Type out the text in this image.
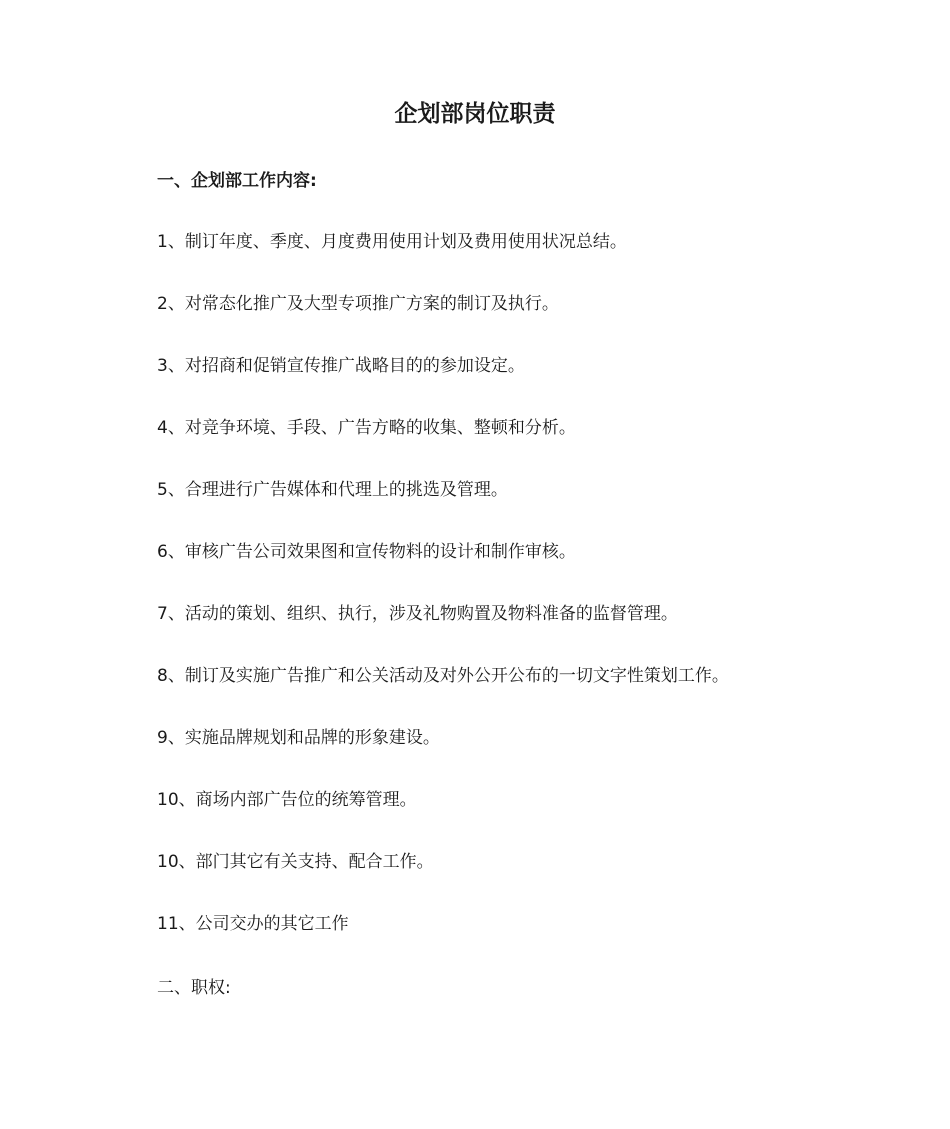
企划部岗位职责

一、企划部工作内容:

1、制订年度、季度、月度费用使用计划及费用使用状况总结。
2、对常态化推广及大型专项推广方案的制订及执行。
3、对招商和促销宣传推广战略目的的参加设定。
4、对竞争环境、手段、广告方略的收集、整顿和分析。
5、合理进行广告媒体和代理上的挑选及管理。
6、审核广告公司效果图和宣传物料的设计和制作审核。
7、活动的策划、组织、执行，涉及礼物购置及物料准备的监督管理。
8、制订及实施广告推广和公关活动及对外公开公布的一切文字性策划工作。
9、实施品牌规划和品牌的形象建设。
10、商场内部广告位的统筹管理。
10、部门其它有关支持、配合工作。
11、公司交办的其它工作

二、职权:
